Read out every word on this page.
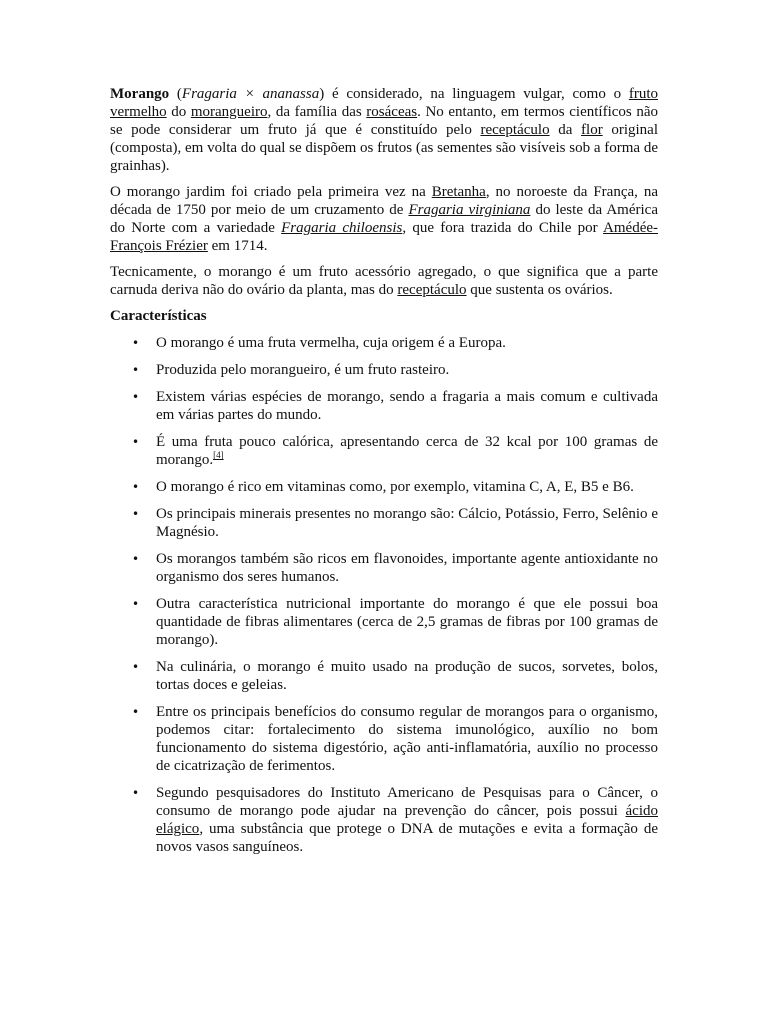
Morango (Fragaria × ananassa) é considerado, na linguagem vulgar, como o fruto vermelho do morangueiro, da família das rosáceas. No entanto, em termos científicos não se pode considerar um fruto já que é constituído pelo receptáculo da flor original (composta), em volta do qual se dispõem os frutos (as sementes são visíveis sob a forma de grainhas).

O morango jardim foi criado pela primeira vez na Bretanha, no noroeste da França, na década de 1750 por meio de um cruzamento de Fragaria virginiana do leste da América do Norte com a variedade Fragaria chiloensis, que fora trazida do Chile por Amédée-François Frézier em 1714.

Tecnicamente, o morango é um fruto acessório agregado, o que significa que a parte carnuda deriva não do ovário da planta, mas do receptáculo que sustenta os ovários.

Características
• O morango é uma fruta vermelha, cuja origem é a Europa.
• Produzida pelo morangueiro, é um fruto rasteiro.
• Existem várias espécies de morango, sendo a fragaria a mais comum e cultivada em várias partes do mundo.
• É uma fruta pouco calórica, apresentando cerca de 32 kcal por 100 gramas de morango.[4]
• O morango é rico em vitaminas como, por exemplo, vitamina C, A, E, B5 e B6.
• Os principais minerais presentes no morango são: Cálcio, Potássio, Ferro, Selênio e Magnésio.
• Os morangos também são ricos em flavonoides, importante agente antioxidante no organismo dos seres humanos.
• Outra característica nutricional importante do morango é que ele possui boa quantidade de fibras alimentares (cerca de 2,5 gramas de fibras por 100 gramas de morango).
• Na culinária, o morango é muito usado na produção de sucos, sorvetes, bolos, tortas doces e geleias.
• Entre os principais benefícios do consumo regular de morangos para o organismo, podemos citar: fortalecimento do sistema imunológico, auxílio no bom funcionamento do sistema digestório, ação anti-inflamatória, auxílio no processo de cicatrização de ferimentos.
• Segundo pesquisadores do Instituto Americano de Pesquisas para o Câncer, o consumo de morango pode ajudar na prevenção do câncer, pois possui ácido elágico, uma substância que protege o DNA de mutações e evita a formação de novos vasos sanguíneos.
